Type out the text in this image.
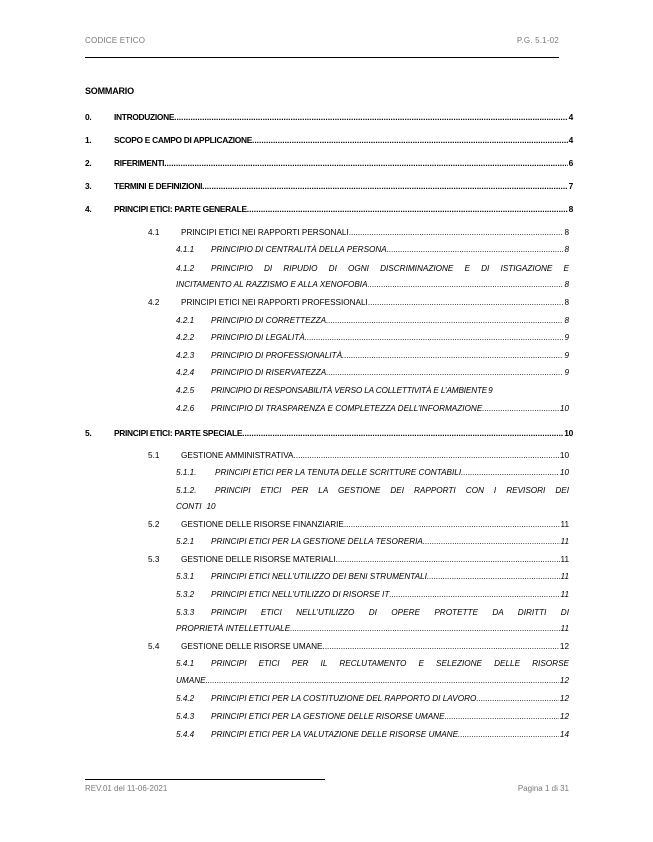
CODICE ETICO	P.G. 5.1-02
SOMMARIO
0.	INTRODUZIONE .....	4
1.	SCOPO E CAMPO DI APPLICAZIONE .....	4
2.	RIFERIMENTI .....	6
3.	TERMINI E DEFINIZIONI .....	7
4.	PRINCIPI ETICI: PARTE GENERALE .....	8
4.1	PRINCIPI ETICI NEI RAPPORTI PERSONALI .....	8
4.1.1	PRINCIPIO DI CENTRALITÀ DELLA PERSONA .....	8
4.1.2	PRINCIPIO DI RIPUDIO DI OGNI DISCRIMINAZIONE E DI ISTIGAZIONE E
INCITAMENTO AL RAZZISMO E ALLA XENOFOBIA .....	8
4.2	PRINCIPI ETICI NEI RAPPORTI PROFESSIONALI .....	8
4.2.1	PRINCIPIO DI CORRETTEZZA .....	8
4.2.2	PRINCIPIO DI LEGALITÀ .....	9
4.2.3	PRINCIPIO DI PROFESSIONALITÀ .....	9
4.2.4	PRINCIPIO DI RISERVATEZZA .....	9
4.2.5	PRINCIPIO DI RESPONSABILITÀ VERSO LA COLLETTIVITÀ E L’AMBIENTE 9
4.2.6	PRINCIPIO DI TRASPARENZA E COMPLETEZZA DELL’INFORMAZIONE .....	10
5.	PRINCIPI ETICI: PARTE SPECIALE .....	10
5.1	GESTIONE AMMINISTRATIVA .....	10
5.1.1.	PRINCIPI ETICI PER LA TENUTA DELLE SCRITTURE CONTABILI .....	10
5.1.2.	PRINCIPI ETICI PER LA GESTIONE DEI RAPPORTI CON I REVISORI DEI
CONTI 10
5.2	GESTIONE DELLE RISORSE FINANZIARIE .....	11
5.2.1	PRINCIPI ETICI PER LA GESTIONE DELLA TESORERIA .....	11
5.3	GESTIONE DELLE RISORSE MATERIALI .....	11
5.3.1	PRINCIPI ETICI NELL’UTILIZZO DEI BENI STRUMENTALI .....	11
5.3.2	PRINCIPI ETICI NELL’UTILIZZO DI RISORSE IT .....	11
5.3.3	PRINCIPI ETICI NELL’UTILIZZO DI OPERE PROTETTE DA DIRITTI DI
PROPRIETÀ INTELLETTUALE .....	11
5.4	GESTIONE DELLE RISORSE UMANE .....	12
5.4.1	PRINCIPI ETICI PER IL RECLUTAMENTO E SELEZIONE DELLE RISORSE
UMANE .....	12
5.4.2	PRINCIPI ETICI PER LA COSTITUZIONE DEL RAPPORTO DI LAVORO .....	12
5.4.3	PRINCIPI ETICI PER LA GESTIONE DELLE RISORSE UMANE .....	12
5.4.4	PRINCIPI ETICI PER LA VALUTAZIONE DELLE RISORSE UMANE .....	14
REV.01 del 11-06-2021	Pagina 1 di 31
